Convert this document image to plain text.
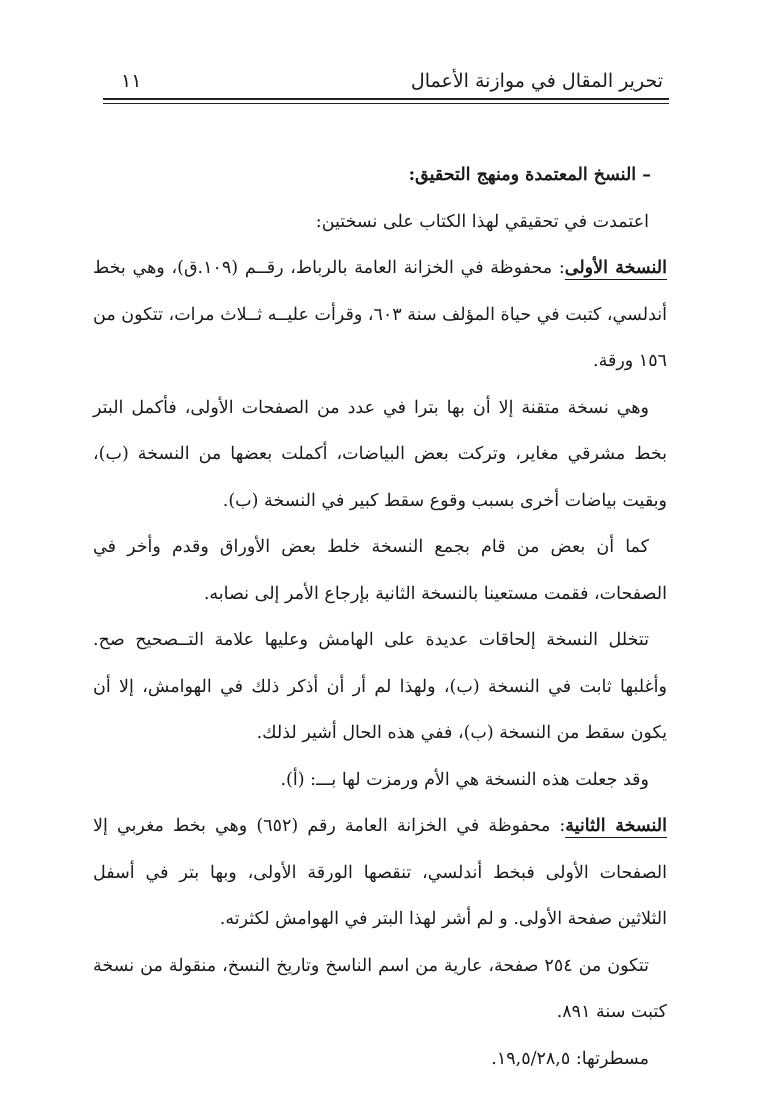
تحرير المقال في موازنة الأعمال
١١

– النسخ المعتمدة ومنهج التحقيق:

اعتمدت في تحقيقي لهذا الكتاب على نسختين:

النسخة الأولى: محفوظة في الخزانة العامة بالرباط، رقــم (١٠٩.ق)، وهي بخط أندلسي، كتبت في حياة المؤلف سنة ٦٠٣، وقرأت عليــه ثــلاث مرات، تتكون من ١٥٦ ورقة.

وهي نسخة متقنة إلا أن بها بترا في عدد من الصفحات الأولى، فأكمل البتر بخط مشرقي مغاير، وتركت بعض البياضات، أكملت بعضها من النسخة (ب)، وبقيت بياضات أخرى بسبب وقوع سقط كبير في النسخة (ب).

كما أن بعض من قام بجمع النسخة خلط بعض الأوراق وقدم وأخر في الصفحات، فقمت مستعينا بالنسخة الثانية بإرجاع الأمر إلى نصابه.

تتخلل النسخة إلحاقات عديدة على الهامش وعليها علامة التــصحيح صح. وأغلبها ثابت في النسخة (ب)، ولهذا لم أر أن أذكر ذلك في الهوامش، إلا أن يكون سقط من النسخة (ب)، ففي هذه الحال أشير لذلك.

وقد جعلت هذه النسخة هي الأم ورمزت لها بـــ: (أ).

النسخة الثانية: محفوظة في الخزانة العامة رقم (٦٥٢) وهي بخط مغربي إلا الصفحات الأولى فبخط أندلسي، تنقصها الورقة الأولى، وبها بتر في أسفل الثلاثين صفحة الأولى. و لم أشر لهذا البتر في الهوامش لكثرته.

تتكون من ٢٥٤ صفحة، عارية من اسم الناسخ وتاريخ النسخ، منقولة من نسخة كتبت سنة ٨٩١.

مسطرتها: ١٩,٥/٢٨,٥.
